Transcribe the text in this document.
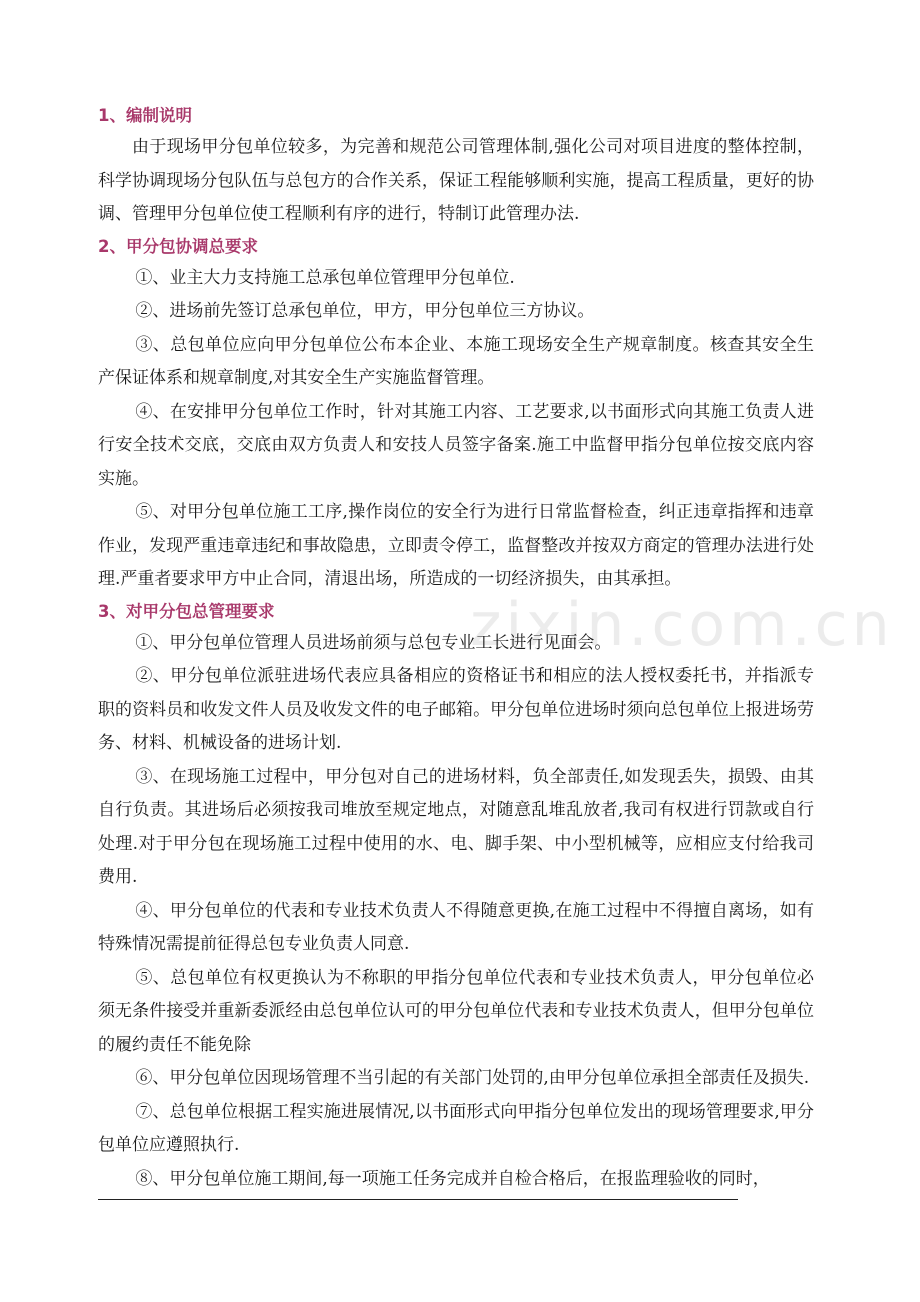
zixin.com.cn
1、编制说明

由于现场甲分包单位较多，为完善和规范公司管理体制,强化公司对项目进度的整体控制，科学协调现场分包队伍与总包方的合作关系，保证工程能够顺利实施，提高工程质量，更好的协调、管理甲分包单位使工程顺利有序的进行，特制订此管理办法.

2、甲分包协调总要求

①、业主大力支持施工总承包单位管理甲分包单位.

②、进场前先签订总承包单位，甲方，甲分包单位三方协议。

③、总包单位应向甲分包单位公布本企业、本施工现场安全生产规章制度。核查其安全生产保证体系和规章制度,对其安全生产实施监督管理。

④、在安排甲分包单位工作时，针对其施工内容、工艺要求,以书面形式向其施工负责人进行安全技术交底，交底由双方负责人和安技人员签字备案.施工中监督甲指分包单位按交底内容实施。

⑤、对甲分包单位施工工序,操作岗位的安全行为进行日常监督检查，纠正违章指挥和违章作业，发现严重违章违纪和事故隐患，立即责令停工，监督整改并按双方商定的管理办法进行处理.严重者要求甲方中止合同，清退出场，所造成的一切经济损失，由其承担。

3、对甲分包总管理要求

①、甲分包单位管理人员进场前须与总包专业工长进行见面会。

②、甲分包单位派驻进场代表应具备相应的资格证书和相应的法人授权委托书，并指派专职的资料员和收发文件人员及收发文件的电子邮箱。甲分包单位进场时须向总包单位上报进场劳务、材料、机械设备的进场计划.

③、在现场施工过程中，甲分包对自己的进场材料，负全部责任,如发现丢失，损毁、由其自行负责。其进场后必须按我司堆放至规定地点，对随意乱堆乱放者,我司有权进行罚款或自行处理.对于甲分包在现场施工过程中使用的水、电、脚手架、中小型机械等，应相应支付给我司费用.

④、甲分包单位的代表和专业技术负责人不得随意更换,在施工过程中不得擅自离场，如有特殊情况需提前征得总包专业负责人同意.

⑤、总包单位有权更换认为不称职的甲指分包单位代表和专业技术负责人，甲分包单位必须无条件接受并重新委派经由总包单位认可的甲分包单位代表和专业技术负责人，但甲分包单位的履约责任不能免除

⑥、甲分包单位因现场管理不当引起的有关部门处罚的,由甲分包单位承担全部责任及损失.

⑦、总包单位根据工程实施进展情况,以书面形式向甲指分包单位发出的现场管理要求,甲分包单位应遵照执行.

⑧、甲分包单位施工期间,每一项施工任务完成并自检合格后，在报监理验收的同时，
